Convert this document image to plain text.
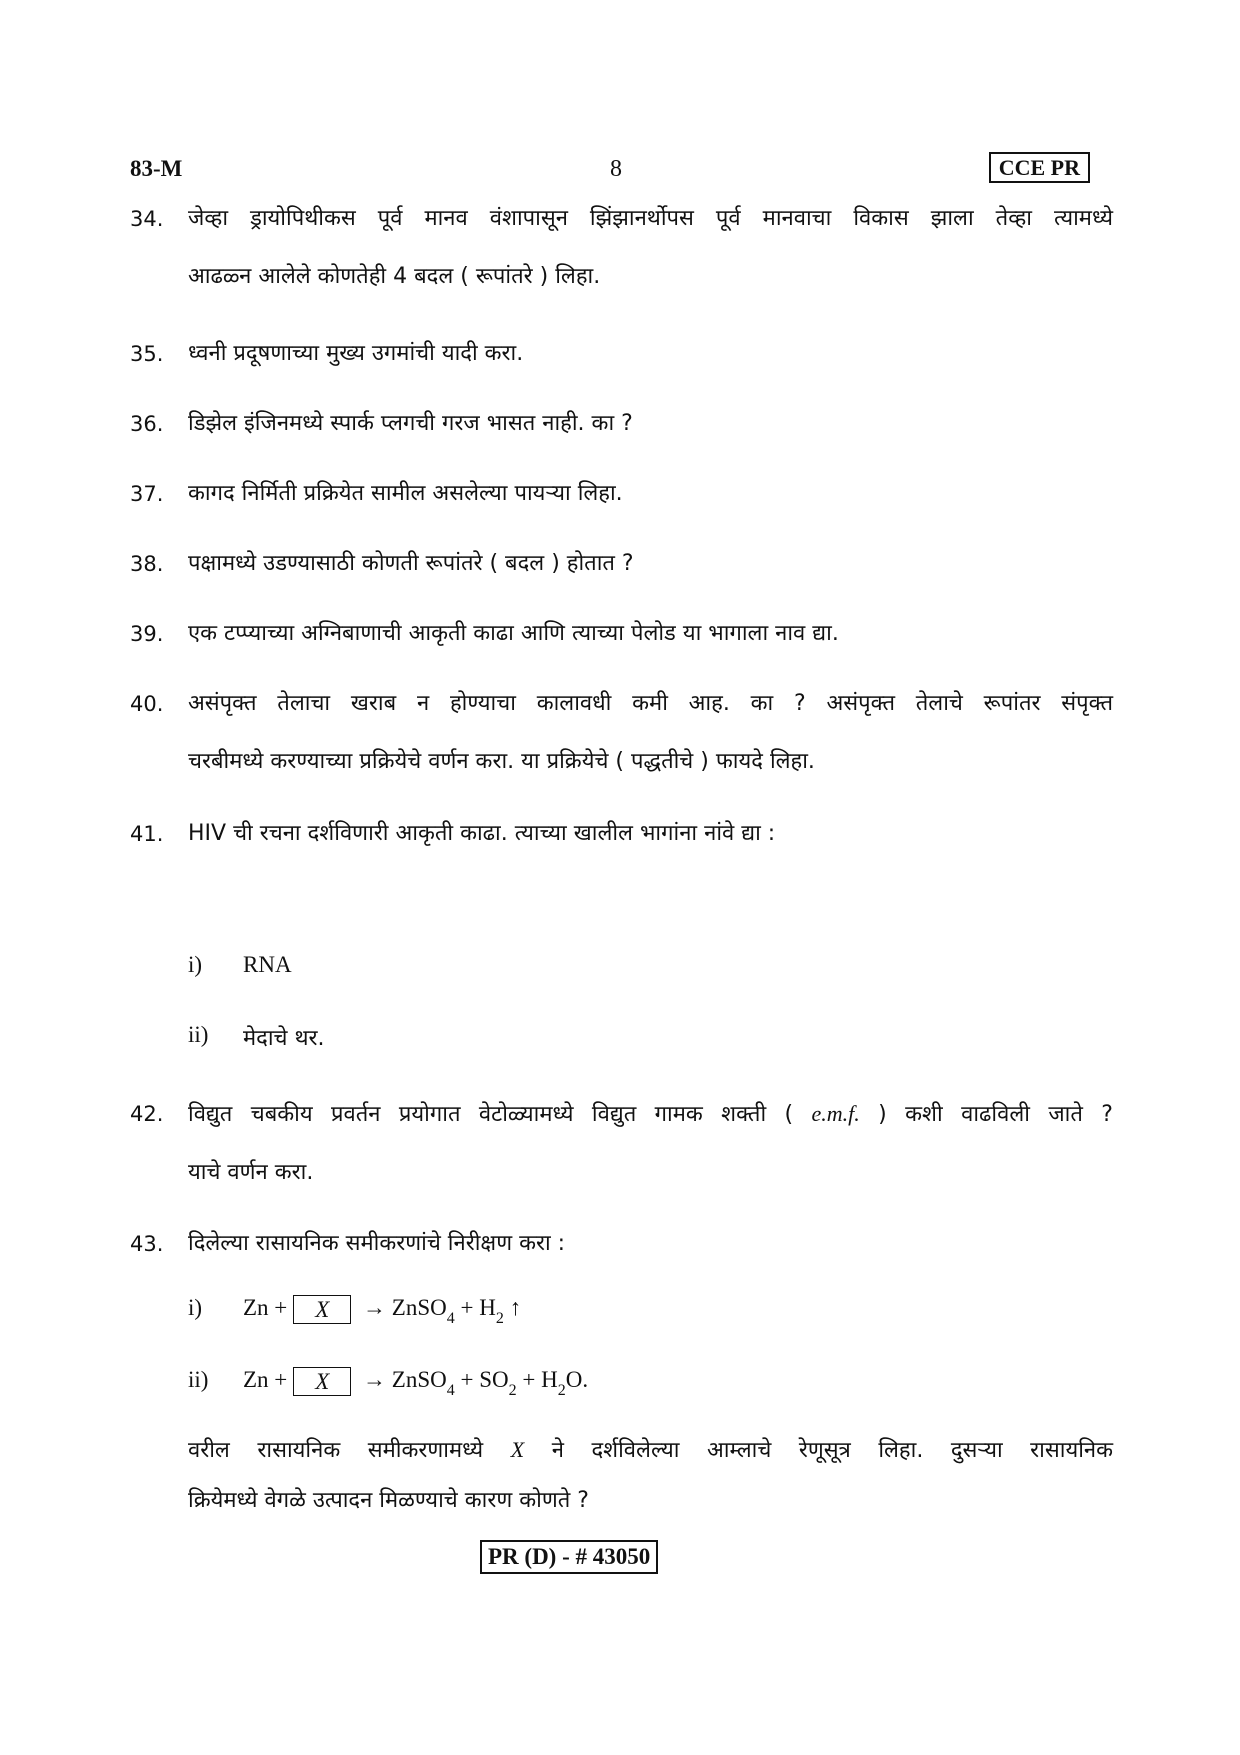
83-M	8	CCE PR
34.	जेव्हा ड्रायोपिथीकस पूर्व मानव वंशापासून झिंझानर्थोपस पूर्व मानवाचा विकास झाला तेव्हा त्यामध्ये
आढळ्न आलेले कोणतेही 4 बदल ( रूपांतरे ) लिहा.
35.	ध्वनी प्रदूषणाच्या मुख्य उगमांची यादी करा.
36.	डिझेल इंजिनमध्ये स्पार्क प्लगची गरज भासत नाही. का ?
37.	कागद निर्मिती प्रक्रियेत सामील असलेल्या पायऱ्या लिहा.
38.	पक्षामध्ये उडण्यासाठी कोणती रूपांतरे ( बदल ) होतात ?
39.	एक टप्प्याच्या अग्निबाणाची आकृती काढा आणि त्याच्या पेलोड या भागाला नाव द्या.
40.	असंपृक्त तेलाचा खराब न होण्याचा कालावधी कमी आह. का ? असंपृक्त तेलाचे रूपांतर संपृक्त
चरबीमध्ये करण्याच्या प्रक्रियेचे वर्णन करा. या प्रक्रियेचे ( पद्धतीचे ) फायदे लिहा.
41.	HIV ची रचना दर्शविणारी आकृती काढा. त्याच्या खालील भागांना नांवे द्या :
i) RNA
ii) मेदाचे थर.
42.	विद्युत चबकीय प्रवर्तन प्रयोगात वेटोळ्यामध्ये विद्युत गामक शक्ती ( e.m.f. ) कशी वाढविली जाते ?
याचे वर्णन करा.
43.	दिलेल्या रासायनिक समीकरणांचे निरीक्षण करा :
i) Zn + X → ZnSO$_4$ + $H_2$ ↑
ii) Zn + X → ZnSO$_4$ + $SO_2 + H_2O$.
वरील रासायनिक समीकरणामध्ये X ने दर्शविलेल्या आम्लाचे रेणूसूत्र लिहा. दुसऱ्या रासायनिक
क्रियेमध्ये वेगळे उत्पादन मिळण्याचे कारण कोणते ?
PR (D) - # 43050
